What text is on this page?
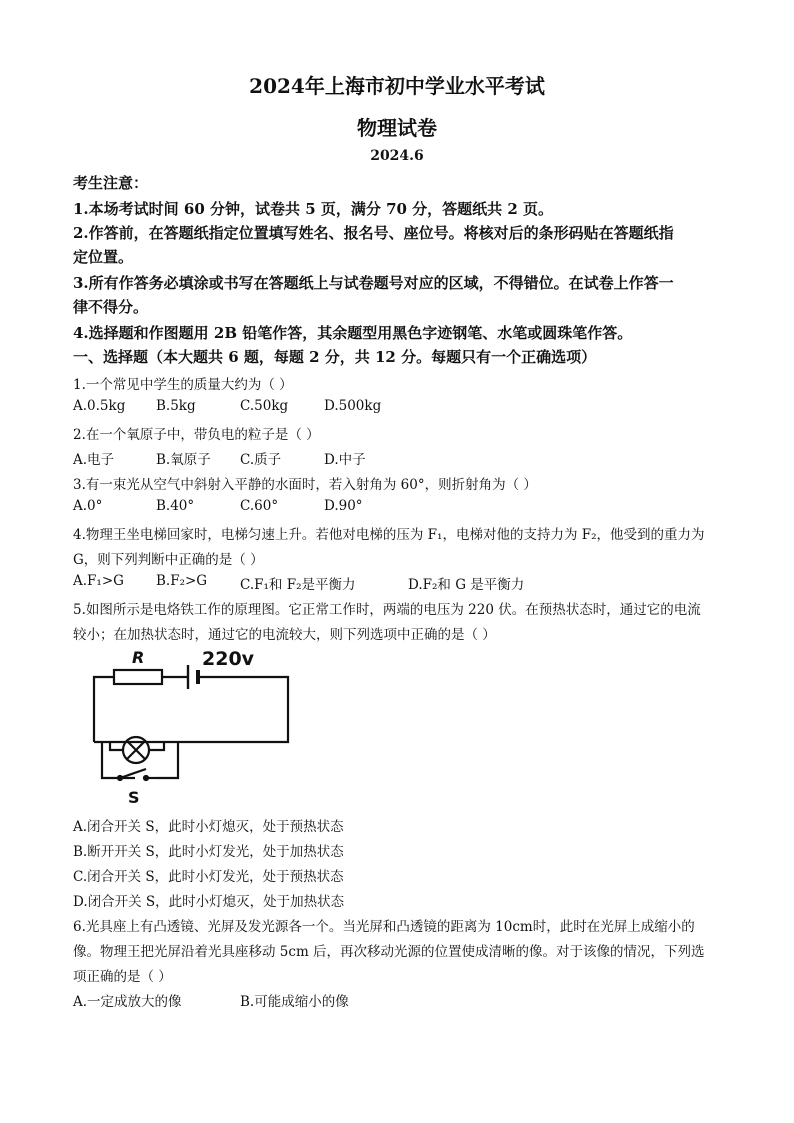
2024年上海市初中学业水平考试
物理试卷
2024.6
考生注意：
1.本场考试时间 60 分钟，试卷共 5 页，满分 70 分，答题纸共 2 页。
2.作答前，在答题纸指定位置填写姓名、报名号、座位号。将核对后的条形码贴在答题纸指
定位置。
3.所有作答务必填涂或书写在答题纸上与试卷题号对应的区域，不得错位。在试卷上作答一
律不得分。
4.选择题和作图题用 2B 铅笔作答，其余题型用黑色字迹钢笔、水笔或圆珠笔作答。
一、选择题（本大题共 6 题，每题 2 分，共 12 分。每题只有一个正确选项）
1.一个常见中学生的质量大约为（ ）
A.0.5kg B.5kg	C.50kg	D.500kg
2.在一个氧原子中，带负电的粒子是（ ）
A.电子	B.氧原子 C.质子	D.中子
3.有一束光从空气中斜射入平静的水面时，若入射角为 60°，则折射角为（ ）
A.0°	B.40°	C.60°	D.90°
4.物理王坐电梯回家时，电梯匀速上升。若他对电梯的压为 F₁，电梯对他的支持力为 F₂，他受到的重力为
G，则下列判断中正确的是（ ）
A.F₁>G B.F₂>G C.F₁和 F₂是平衡力	D.F₂和 G 是平衡力
5.如图所示是电烙铁工作的原理图。它正常工作时，两端的电压为 220 伏。在预热状态时，通过它的电流
较小；在加热状态时，通过它的电流较大，则下列选项中正确的是（ ）
R	220v
S
A.闭合开关 S，此时小灯熄灭，处于预热状态
B.断开开关 S，此时小灯发光，处于加热状态
C.闭合开关 S，此时小灯发光，处于预热状态
D.闭合开关 S，此时小灯熄灭，处于加热状态
6.光具座上有凸透镜、光屏及发光源各一个。当光屏和凸透镜的距离为 10cm时，此时在光屏上成缩小的
像。物理王把光屏沿着光具座移动 5cm 后，再次移动光源的位置使成清晰的像。对于该像的情况，下列选
项正确的是（ ）
A.一定成放大的像	B.可能成缩小的像
